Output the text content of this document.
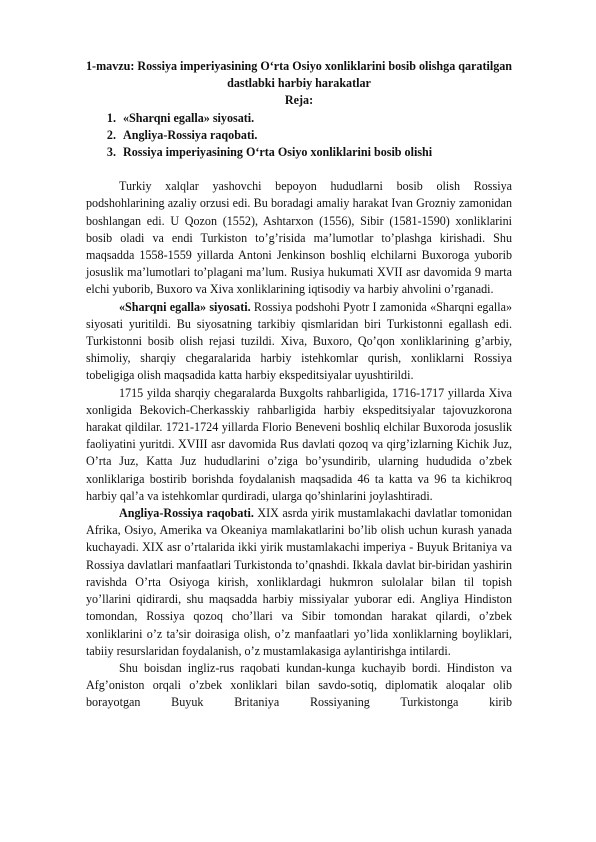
1-mavzu: Rossiya imperiyasining O‘rta Osiyo xonliklarini bosib olishga qaratilgan dastlabki harbiy harakatlar

Reja:

1. «Sharqni egalla» siyosati.
2. Angliya-Rossiya raqobati.
3. Rossiya imperiyasining O‘rta Osiyo xonliklarini bosib olishi

Turkiy xalqlar yashovchi bepoyon hududlarni bosib olish Rossiya podshohlarining azaliy orzusi edi. Bu boradagi amaliy harakat Ivan Grozniy zamonidan boshlangan edi. U Qozon (1552), Ashtarxon (1556), Sibir (1581-1590) xonliklarini bosib oladi va endi Turkiston to’g’risida ma’lumotlar to’plashga kirishadi. Shu maqsadda 1558-1559 yillarda Antoni Jenkinson boshliq elchilarni Buxoroga yuborib josuslik ma’lumotlari to’plagani ma’lum. Rusiya hukumati XVII asr davomida 9 marta elchi yuborib, Buxoro va Xiva xonliklarining iqtisodiy va harbiy ahvolini o’rganadi.

«Sharqni egalla» siyosati. Rossiya podshohi Pyotr I zamonida «Sharqni egalla» siyosati yuritildi. Bu siyosatning tarkibiy qismlaridan biri Turkistonni egallash edi. Turkistonni bosib olish rejasi tuzildi. Xiva, Buxoro, Qo’qon xonliklarining g’arbiy, shimoliy, sharqiy chegaralarida harbiy istehkomlar qurish, xonliklarni Rossiya tobeligiga olish maqsadida katta harbiy ekspeditsiyalar uyushtirildi.

1715 yilda sharqiy chegaralarda Buxgolts rahbarligida, 1716-1717 yillarda Xiva xonligida Bekovich-Cherkasskiy rahbarligida harbiy ekspeditsiyalar tajovuzkorona harakat qildilar. 1721-1724 yillarda Florio Beneveni boshliq elchilar Buxoroda josuslik faoliyatini yuritdi. XVIII asr davomida Rus davlati qozoq va qirg’izlarning Kichik Juz, O’rta Juz, Katta Juz hududlarini o’ziga bo’ysundirib, ularning hududida o’zbek xonliklariga bostirib borishda foydalanish maqsadida 46 ta katta va 96 ta kichikroq harbiy qal’a va istehkomlar qurdiradi, ularga qo’shinlarini joylashtiradi.

Angliya-Rossiya raqobati. XIX asrda yirik mustamlakachi davlatlar tomonidan Afrika, Osiyo, Amerika va Okeaniya mamlakatlarini bo’lib olish uchun kurash yanada kuchayadi. XIX asr o’rtalarida ikki yirik mustamlakachi imperiya - Buyuk Britaniya va Rossiya davlatlari manfaatlari Turkistonda to’qnashdi. Ikkala davlat bir-biridan yashirin ravishda O’rta Osiyoga kirish, xonliklardagi hukmron sulolalar bilan til topish yo’llarini qidirardi, shu maqsadda harbiy missiyalar yuborar edi. Angliya Hindiston tomondan, Rossiya qozoq cho’llari va Sibir tomondan harakat qilardi, o’zbek xonliklarini o’z ta’sir doirasiga olish, o’z manfaatlari yo’lida xonliklarning boyliklari, tabiiy resurslaridan foydalanish, o’z mustamlakasiga aylantirishga intilardi.

Shu boisdan ingliz-rus raqobati kundan-kunga kuchayib bordi. Hindiston va Afg’oniston orqali o’zbek xonliklari bilan savdo-sotiq, diplomatik aloqalar olib borayotgan Buyuk Britaniya Rossiyaning Turkistonga kirib
